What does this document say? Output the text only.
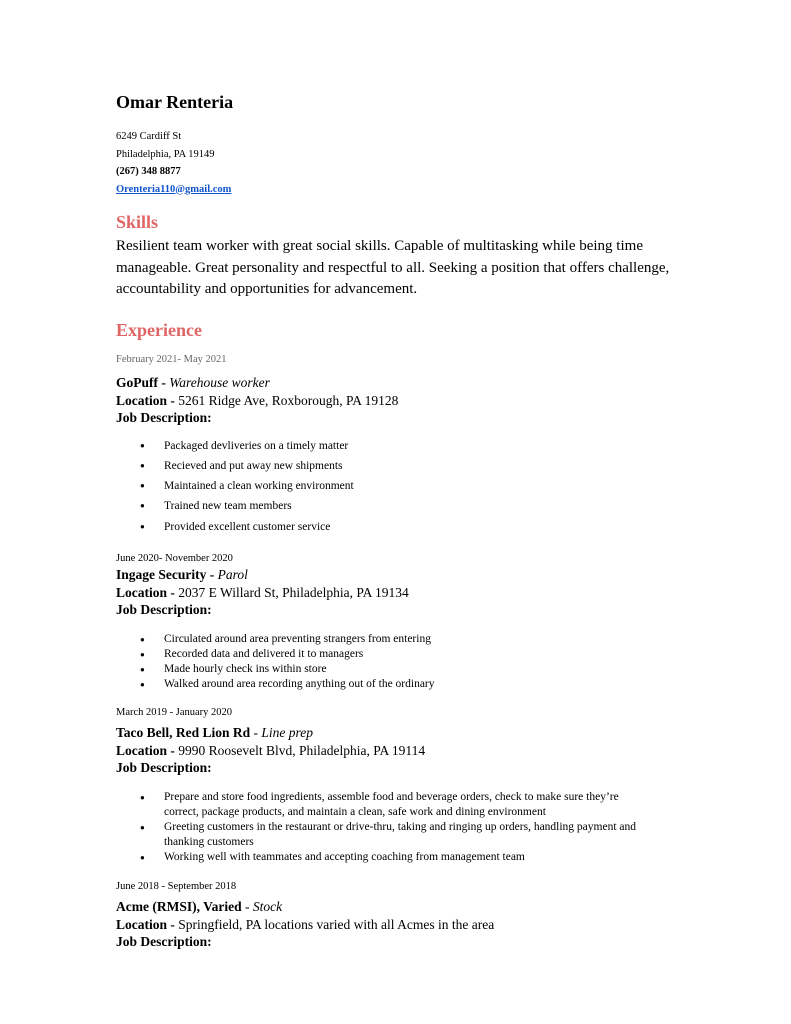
Omar Renteria
6249 Cardiff St
Philadelphia, PA 19149
(267) 348 8877
Orenteria110@gmail.com
Skills
Resilient team worker with great social skills. Capable of multitasking while being time manageable. Great personality and respectful to all. Seeking a position that offers challenge, accountability and opportunities for advancement.
Experience
February 2021- May 2021
GoPuff - Warehouse worker
Location - 5261 Ridge Ave, Roxborough, PA 19128
Job Description:
● Packaged devliveries on a timely matter
● Recieved and put away new shipments
● Maintained a clean working environment
● Trained new team members
● Provided excellent customer service
June 2020- November 2020
Ingage Security - Parol
Location - 2037 E Willard St, Philadelphia, PA 19134
Job Description:
● Circulated around area preventing strangers from entering
● Recorded data and delivered it to managers
● Made hourly check ins within store
● Walked around area recording anything out of the ordinary
March 2019 - January 2020
Taco Bell, Red Lion Rd - Line prep
Location - 9990 Roosevelt Blvd, Philadelphia, PA 19114
Job Description:
● Prepare and store food ingredients, assemble food and beverage orders, check to make sure they’re correct, package products, and maintain a clean, safe work and dining environment
● Greeting customers in the restaurant or drive-thru, taking and ringing up orders, handling payment and thanking customers
● Working well with teammates and accepting coaching from management team
June 2018 - September 2018
Acme (RMSI), Varied - Stock
Location - Springfield, PA locations varied with all Acmes in the area
Job Description:
